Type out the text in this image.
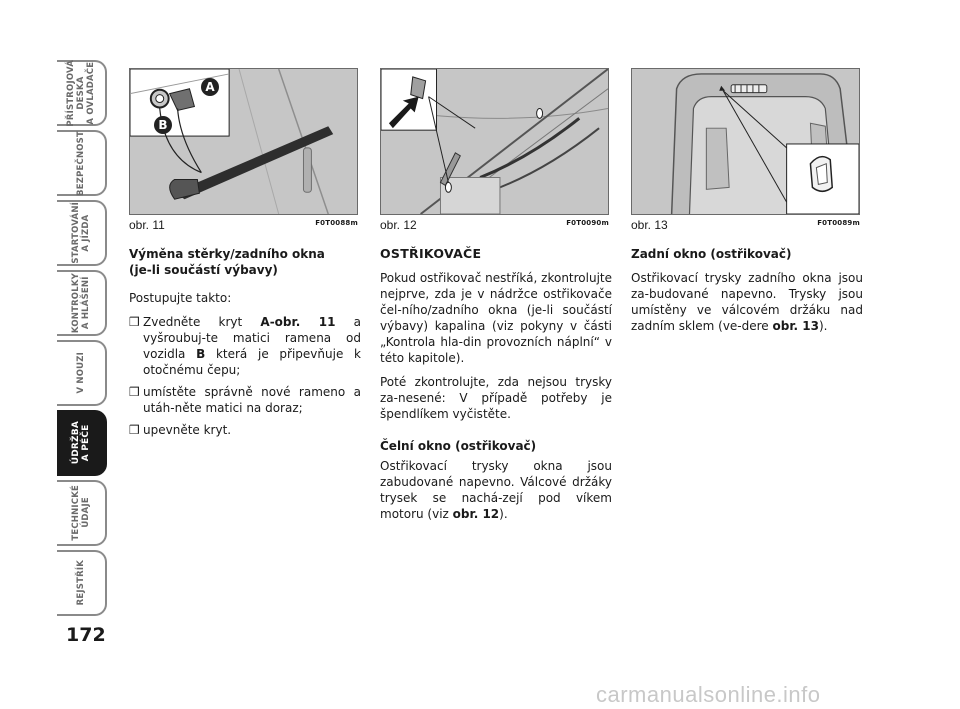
PŘÍSTROJOVÁ
DESKA
A OVLADAČE
BEZPEČNOST
STARTOVÁNÍ
A JÍZDA
KONTROLKY
A HLÁŠENÍ
V NOUZI
ÚDRŽBA
A PÉČE
TECHNICKÉ
ÚDAJE
REJSTŘÍK
172
A
B
obr. 11	F0T0088m obr. 12	F0T0090m obr. 13	F0T0089m

Výměna stěrky/zadního okna
(je-li součástí výbavy)

Postupujte takto:

❒ Zvedněte kryt A-obr. 11 a vyšroubuj-te matici ramena od vozidla B která je připevňuje k otočnému čepu;
❒ umístěte správně nové rameno a utáh-něte matici na doraz;
❒ upevněte kryt.

OSTŘIKOVAČE

Pokud ostřikovač nestříká, zkontrolujte nejprve, zda je v nádržce ostřikovače čel-ního/zadního okna (je-li součástí výbavy) kapalina (viz pokyny v části „Kontrola hla-din provozních náplní“ v této kapitole).

Poté zkontrolujte, zda nejsou trysky za-nesené: V případě potřeby je špendlíkem vyčistěte.

Čelní okno (ostřikovač)

Ostřikovací trysky okna jsou zabudované napevno. Válcové držáky trysek se nachá-zejí pod víkem motoru (viz obr. 12).

Zadní okno (ostřikovač)

Ostřikovací trysky zadního okna jsou za-budované napevno. Trysky jsou umístěny ve válcovém držáku nad zadním sklem (ve-dere obr. 13).

carmanualsonline.info
